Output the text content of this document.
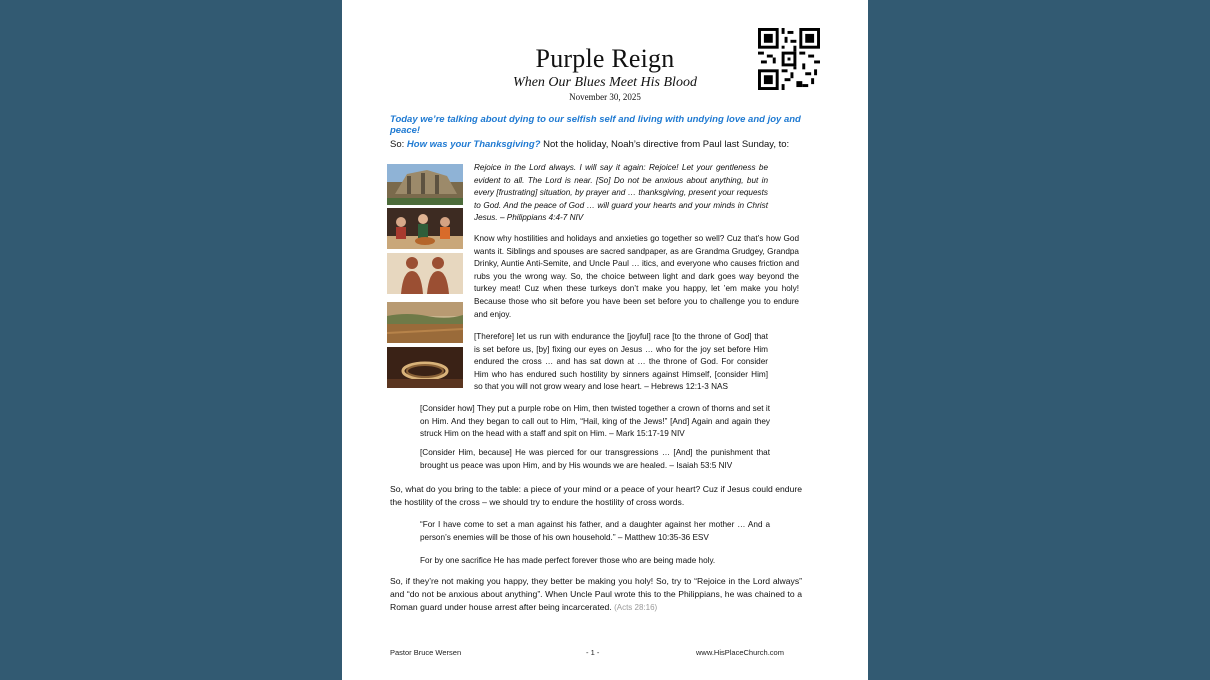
Purple Reign
When Our Blues Meet His Blood
November 30, 2025
Today we’re talking about dying to our selfish self and living with undying love and joy and peace!
So: How was your Thanksgiving? Not the holiday, Noah’s directive from Paul last Sunday, to:
Rejoice in the Lord always. I will say it again: Rejoice! Let your gentleness be evident to all. The Lord is near. [So] Do not be anxious about anything, but in every [frustrating] situation, by prayer and … thanksgiving, present your requests to God. And the peace of God … will guard your hearts and your minds in Christ Jesus. – Philippians 4:4-7 NIV
Know why hostilities and holidays and anxieties go together so well? Cuz that’s how God wants it. Siblings and spouses are sacred sandpaper, as are Grandma Grudgey, Grandpa Drinky, Auntie Anti-Semite, and Uncle Paul … itics, and everyone who causes friction and rubs you the wrong way. So, the choice between light and dark goes way beyond the turkey meat! Cuz when these turkeys don’t make you happy, let ’em make you holy! Because those who sit before you have been set before you to challenge you to endure and enjoy.
[Therefore] let us run with endurance the [joyful] race [to the throne of God] that is set before us, [by] fixing our eyes on Jesus … who for the joy set before Him endured the cross … and has sat down at … the throne of God. For consider Him who has endured such hostility by sinners against Himself, [consider Him] so that you will not grow weary and lose heart. – Hebrews 12:1-3 NAS
[Consider how] They put a purple robe on Him, then twisted together a crown of thorns and set it on Him. And they began to call out to Him, “Hail, king of the Jews!” [And] Again and again they struck Him on the head with a staff and spit on Him. – Mark 15:17-19 NIV
[Consider Him, because] He was pierced for our transgressions … [And] the punishment that brought us peace was upon Him, and by His wounds we are healed. – Isaiah 53:5 NIV
So, what do you bring to the table: a piece of your mind or a peace of your heart? Cuz if Jesus could endure the hostility of the cross – we should try to endure the hostility of cross words.
“For I have come to set a man against his father, and a daughter against her mother … And a person’s enemies will be those of his own household.” – Matthew 10:35-36 ESV
For by one sacrifice He has made perfect forever those who are being made holy.
So, if they’re not making you happy, they better be making you holy! So, try to “Rejoice in the Lord always” and “do not be anxious about anything”. When Uncle Paul wrote this to the Philippians, he was chained to a Roman guard under house arrest after being incarcerated. (Acts 28:16)
Pastor Bruce Wersen	- 1 -	www.HisPlaceChurch.com
